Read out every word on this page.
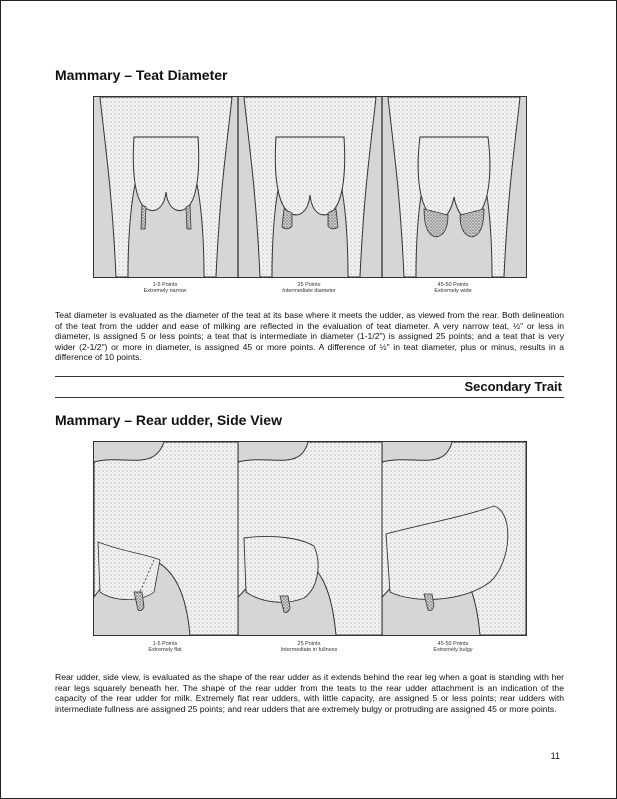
Mammary – Teat Diameter
1-5 Points
Extremely narrow
25 Points
Intermediate diameter
45-50 Points
Extremely wide
Teat diameter is evaluated as the diameter of the teat at its base where it meets the udder, as viewed from the rear. Both delineation of the teat from the udder and ease of milking are reflected in the evaluation of teat diameter. A very narrow teat, ½" or less in diameter, is assigned 5 or less points; a teat that is intermediate in diameter (1-1/2") is assigned 25 points; and a teat that is very wider (2-1/2") or more in diameter, is assigned 45 or more points. A difference of ½" in teat diameter, plus or minus, results in a difference of 10 points.
Secondary Trait
Mammary – Rear udder, Side View
1-5 Points
Extremely flat
25 Points
Intermediate in fullness
45-50 Points
Extremely bulgy
Rear udder, side view, is evaluated as the shape of the rear udder as it extends behind the rear leg when a goat is standing with her rear legs squarely beneath her. The shape of the rear udder from the teats to the rear udder attachment is an indication of the capacity of the rear udder for milk. Extremely flat rear udders, with little capacity, are assigned 5 or less points; rear udders with intermediate fullness are assigned 25 points; and rear udders that are extremely bulgy or protruding are assigned 45 or more points.
11
